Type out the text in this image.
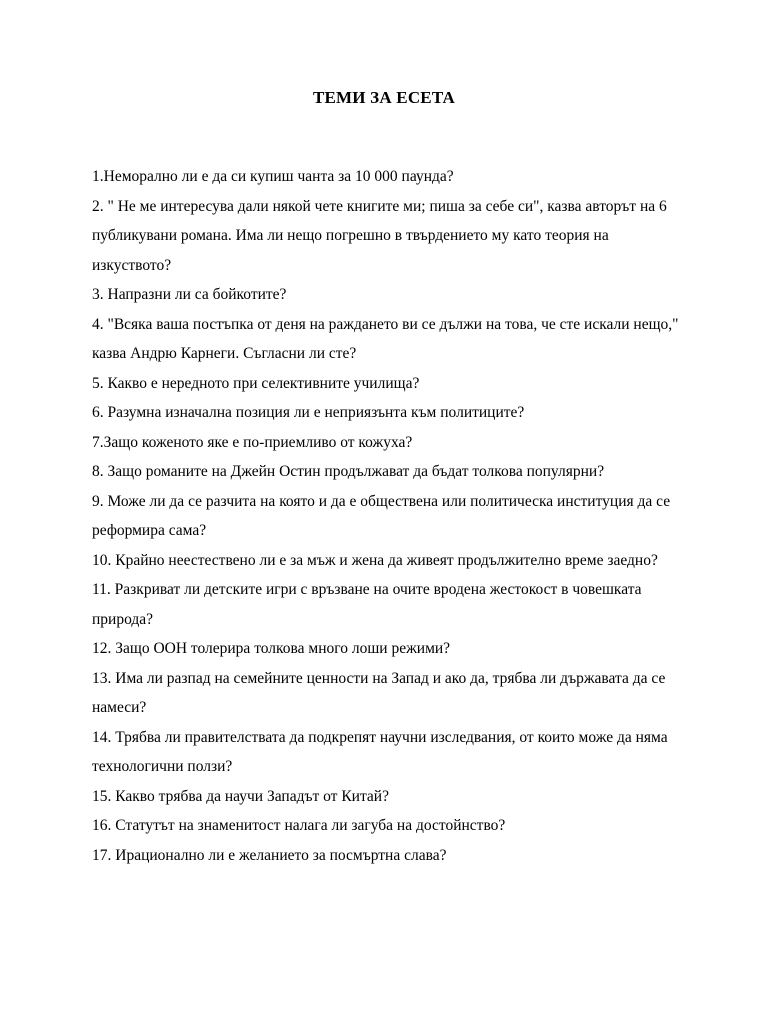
ТЕМИ ЗА ЕСЕТА
1.Неморално ли е да си купиш чанта за 10 000 паунда?
2. " Не ме интересува дали някой чете книгите ми; пиша за себе си", казва авторът на 6 публикувани романа. Има ли нещо погрешно в твърдението му като теория на изкуството?
3. Напразни ли са бойкотите?
4. "Всяка ваша постъпка от деня на раждането ви се дължи на това, че сте искали нещо," казва Андрю Карнеги. Съгласни ли сте?
5. Какво е нередното при селективните училища?
6. Разумна изначална позиция ли е неприязънта към политиците?
7.Защо коженото яке е по-приемливо от кожуха?
8. Защо романите на Джейн Остин продължават да бъдат толкова популярни?
9. Може ли да се разчита на която и да е обществена или политическа институция да се реформира сама?
10. Крайно неестествено ли е за мъж и жена да живеят продължително време заедно?
11. Разкриват ли детските игри с връзване на очите вродена жестокост в човешката природа?
12. Защо ООН толерира толкова много лоши режими?
13. Има ли разпад на семейните ценности на Запад и ако да, трябва ли държавата да се намеси?
14. Трябва ли правителствата да подкрепят научни изследвания, от които може да няма технологични ползи?
15. Какво трябва да научи Западът от Китай?
16. Статутът на знаменитост налага ли загуба на достойнство?
17. Ирационално ли е желанието за посмъртна слава?
